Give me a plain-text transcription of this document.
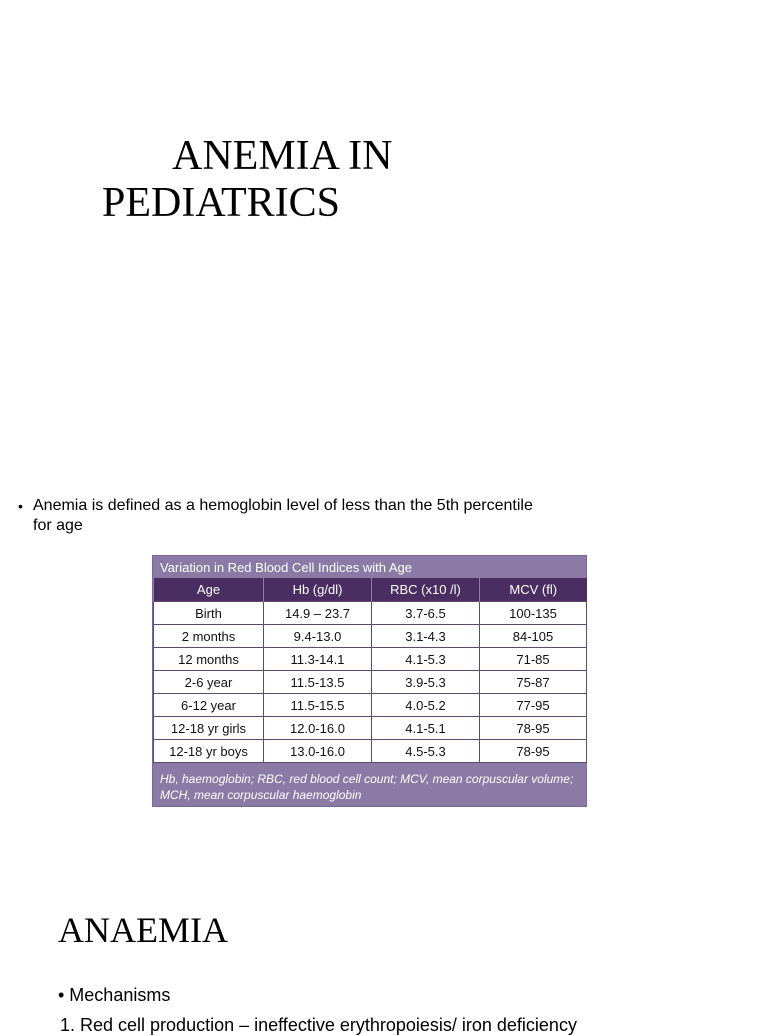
ANEMIA IN
PEDIATRICS
• Anemia is defined as a hemoglobin level of less than the 5th percentile for age
Variation in Red Blood Cell Indices with Age
Age	Hb (g/dl)	RBC (x10 /l)	MCV (fl)
Birth	14.9 – 23.7	3.7-6.5	100-135
2 months	9.4-13.0	3.1-4.3	84-105
12 months	11.3-14.1	4.1-5.3	71-85
2-6 year	11.5-13.5	3.9-5.3	75-87
6-12 year	11.5-15.5	4.0-5.2	77-95
12-18 yr girls	12.0-16.0	4.1-5.1	78-95
12-18 yr boys	13.0-16.0	4.5-5.3	78-95
Hb, haemoglobin; RBC, red blood cell count; MCV, mean corpuscular volume; MCH, mean corpuscular haemoglobin
ANAEMIA
• Mechanisms
1. Red cell production – ineffective erythropoiesis/ iron deficiency
